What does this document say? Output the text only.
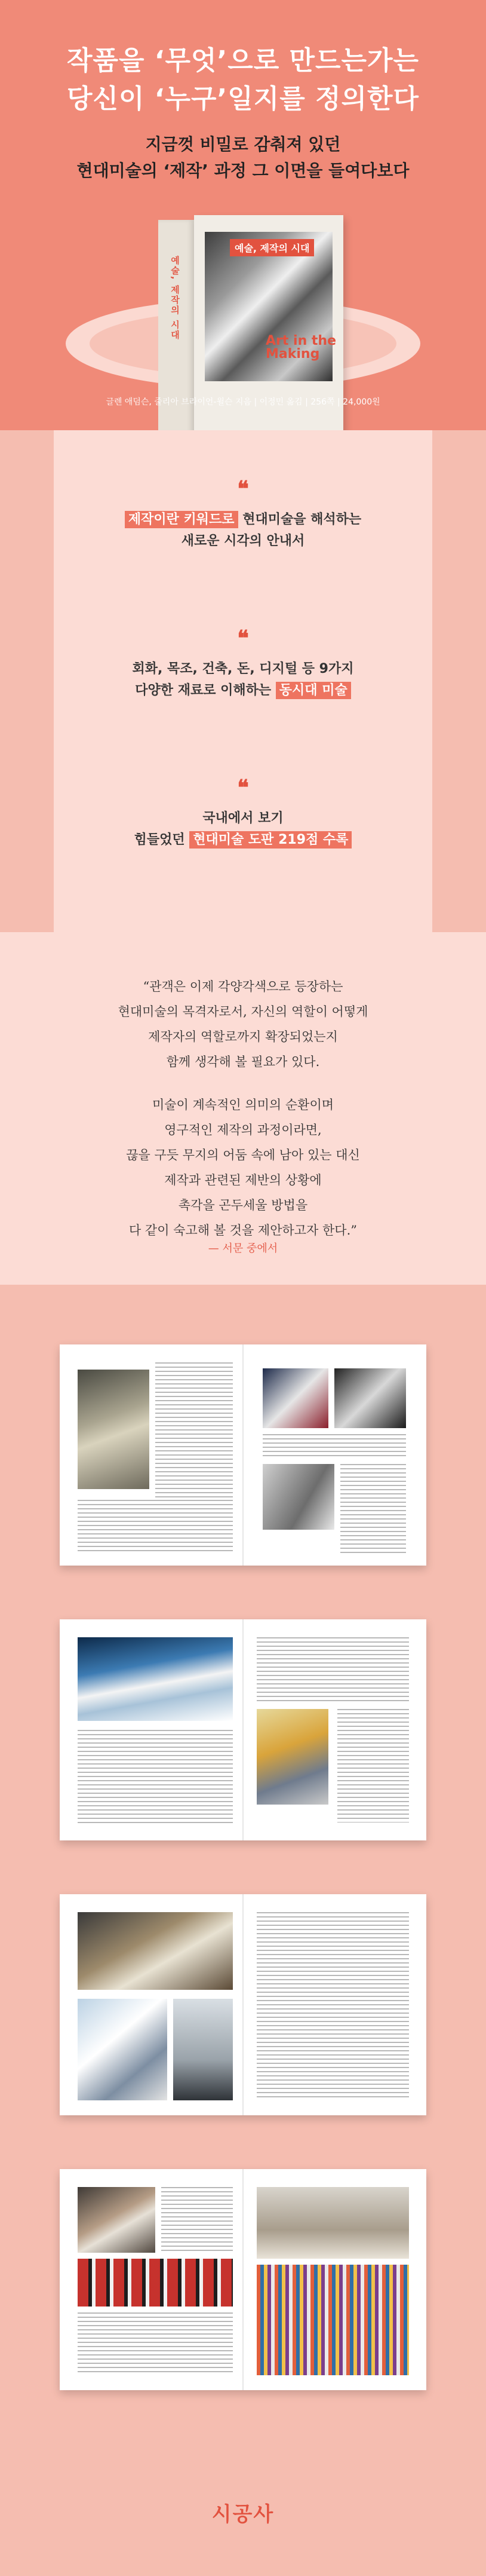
작품을 ‘무엇’으로 만드는가는
당신이 ‘누구’일지를 정의한다
지금껏 비밀로 감춰져 있던
현대미술의 ‘제작’ 과정 그 이면을 들여다보다
예술, 제작의 시대
예술, 제작의 시대
Art in the Making
글렌 애덤슨, 줄리아 브라이언-윌슨 지음 | 이정민 옮김 | 256쪽 | 24,000원
❝
제작이란 키워드로 현대미술을 해석하는
새로운 시각의 안내서
❝
회화, 목조, 건축, 돈, 디지털 등 9가지
다양한 재료로 이해하는 동시대 미술
❝
국내에서 보기
힘들었던 현대미술 도판 219점 수록
“관객은 이제 각양각색으로 등장하는
현대미술의 목격자로서, 자신의 역할이 어떻게
제작자의 역할로까지 확장되었는지
함께 생각해 볼 필요가 있다.
미술이 계속적인 의미의 순환이며
영구적인 제작의 과정이라면,
끊을 구듯 무지의 어둠 속에 남아 있는 대신
제작과 관련된 제반의 상황에
촉각을 곤두세울 방법을
다 같이 숙고해 볼 것을 제안하고자 한다.”
— 서문 중에서
시공사
